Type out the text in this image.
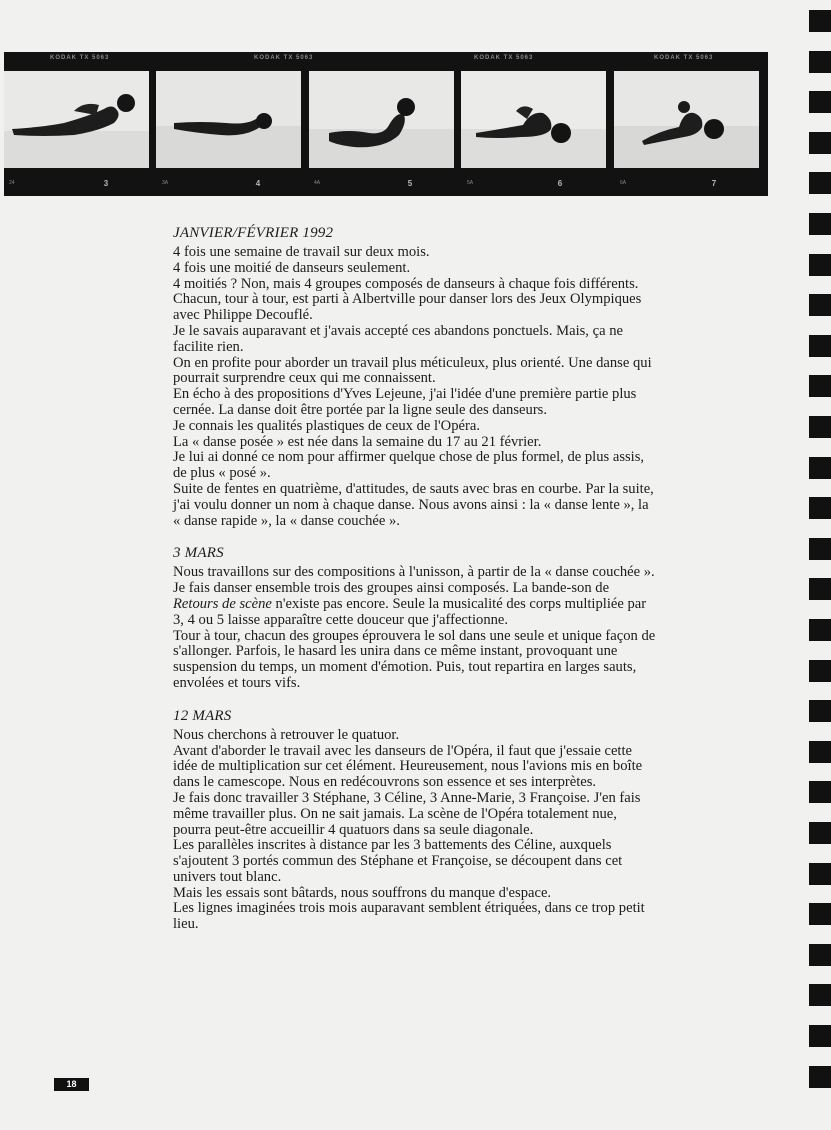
KODAK TX 5063	KODAK TX 5063	KODAK TX 5063	KODAK TX 5063
24	3	3A	4	4A	5	5A	6	6A	7
JANVIER/FÉVRIER 1992

4 fois une semaine de travail sur deux mois.

4 fois une moitié de danseurs seulement.

4 moitiés ? Non, mais 4 groupes composés de danseurs à chaque fois différents. Chacun, tour à tour, est parti à Albertville pour danser lors des Jeux Olympiques avec Philippe Decouflé.

Je le savais auparavant et j'avais accepté ces abandons ponctuels. Mais, ça ne facilite rien.

On en profite pour aborder un travail plus méticuleux, plus orienté. Une danse qui pourrait surprendre ceux qui me connaissent.

En écho à des propositions d'Yves Lejeune, j'ai l'idée d'une première partie plus cernée. La danse doit être portée par la ligne seule des danseurs.

Je connais les qualités plastiques de ceux de l'Opéra.

La « danse posée » est née dans la semaine du 17 au 21 février.

Je lui ai donné ce nom pour affirmer quelque chose de plus formel, de plus assis, de plus « posé ».

Suite de fentes en quatrième, d'attitudes, de sauts avec bras en courbe. Par la suite, j'ai voulu donner un nom à chaque danse. Nous avons ainsi : la « danse lente », la « danse rapide », la « danse couchée ».

3 MARS

Nous travaillons sur des compositions à l'unisson, à partir de la « danse couchée ».

Je fais danser ensemble trois des groupes ainsi composés. La bande-son de Retours de scène n'existe pas encore. Seule la musicalité des corps multipliée par 3, 4 ou 5 laisse apparaître cette douceur que j'affectionne.

Tour à tour, chacun des groupes éprouvera le sol dans une seule et unique façon de s'allonger. Parfois, le hasard les unira dans ce même instant, provoquant une suspension du temps, un moment d'émotion. Puis, tout repartira en larges sauts, envolées et tours vifs.

12 MARS

Nous cherchons à retrouver le quatuor.

Avant d'aborder le travail avec les danseurs de l'Opéra, il faut que j'essaie cette idée de multiplication sur cet élément. Heureusement, nous l'avions mis en boîte dans le camescope. Nous en redécouvrons son essence et ses interprètes.

Je fais donc travailler 3 Stéphane, 3 Céline, 3 Anne-Marie, 3 Françoise. J'en fais même travailler plus. On ne sait jamais. La scène de l'Opéra totalement nue, pourra peut-être accueillir 4 quatuors dans sa seule diagonale.

Les parallèles inscrites à distance par les 3 battements des Céline, auxquels s'ajoutent 3 portés commun des Stéphane et Françoise, se découpent dans cet univers tout blanc.

Mais les essais sont bâtards, nous souffrons du manque d'espace.

Les lignes imaginées trois mois auparavant semblent étriquées, dans ce trop petit lieu.

18
